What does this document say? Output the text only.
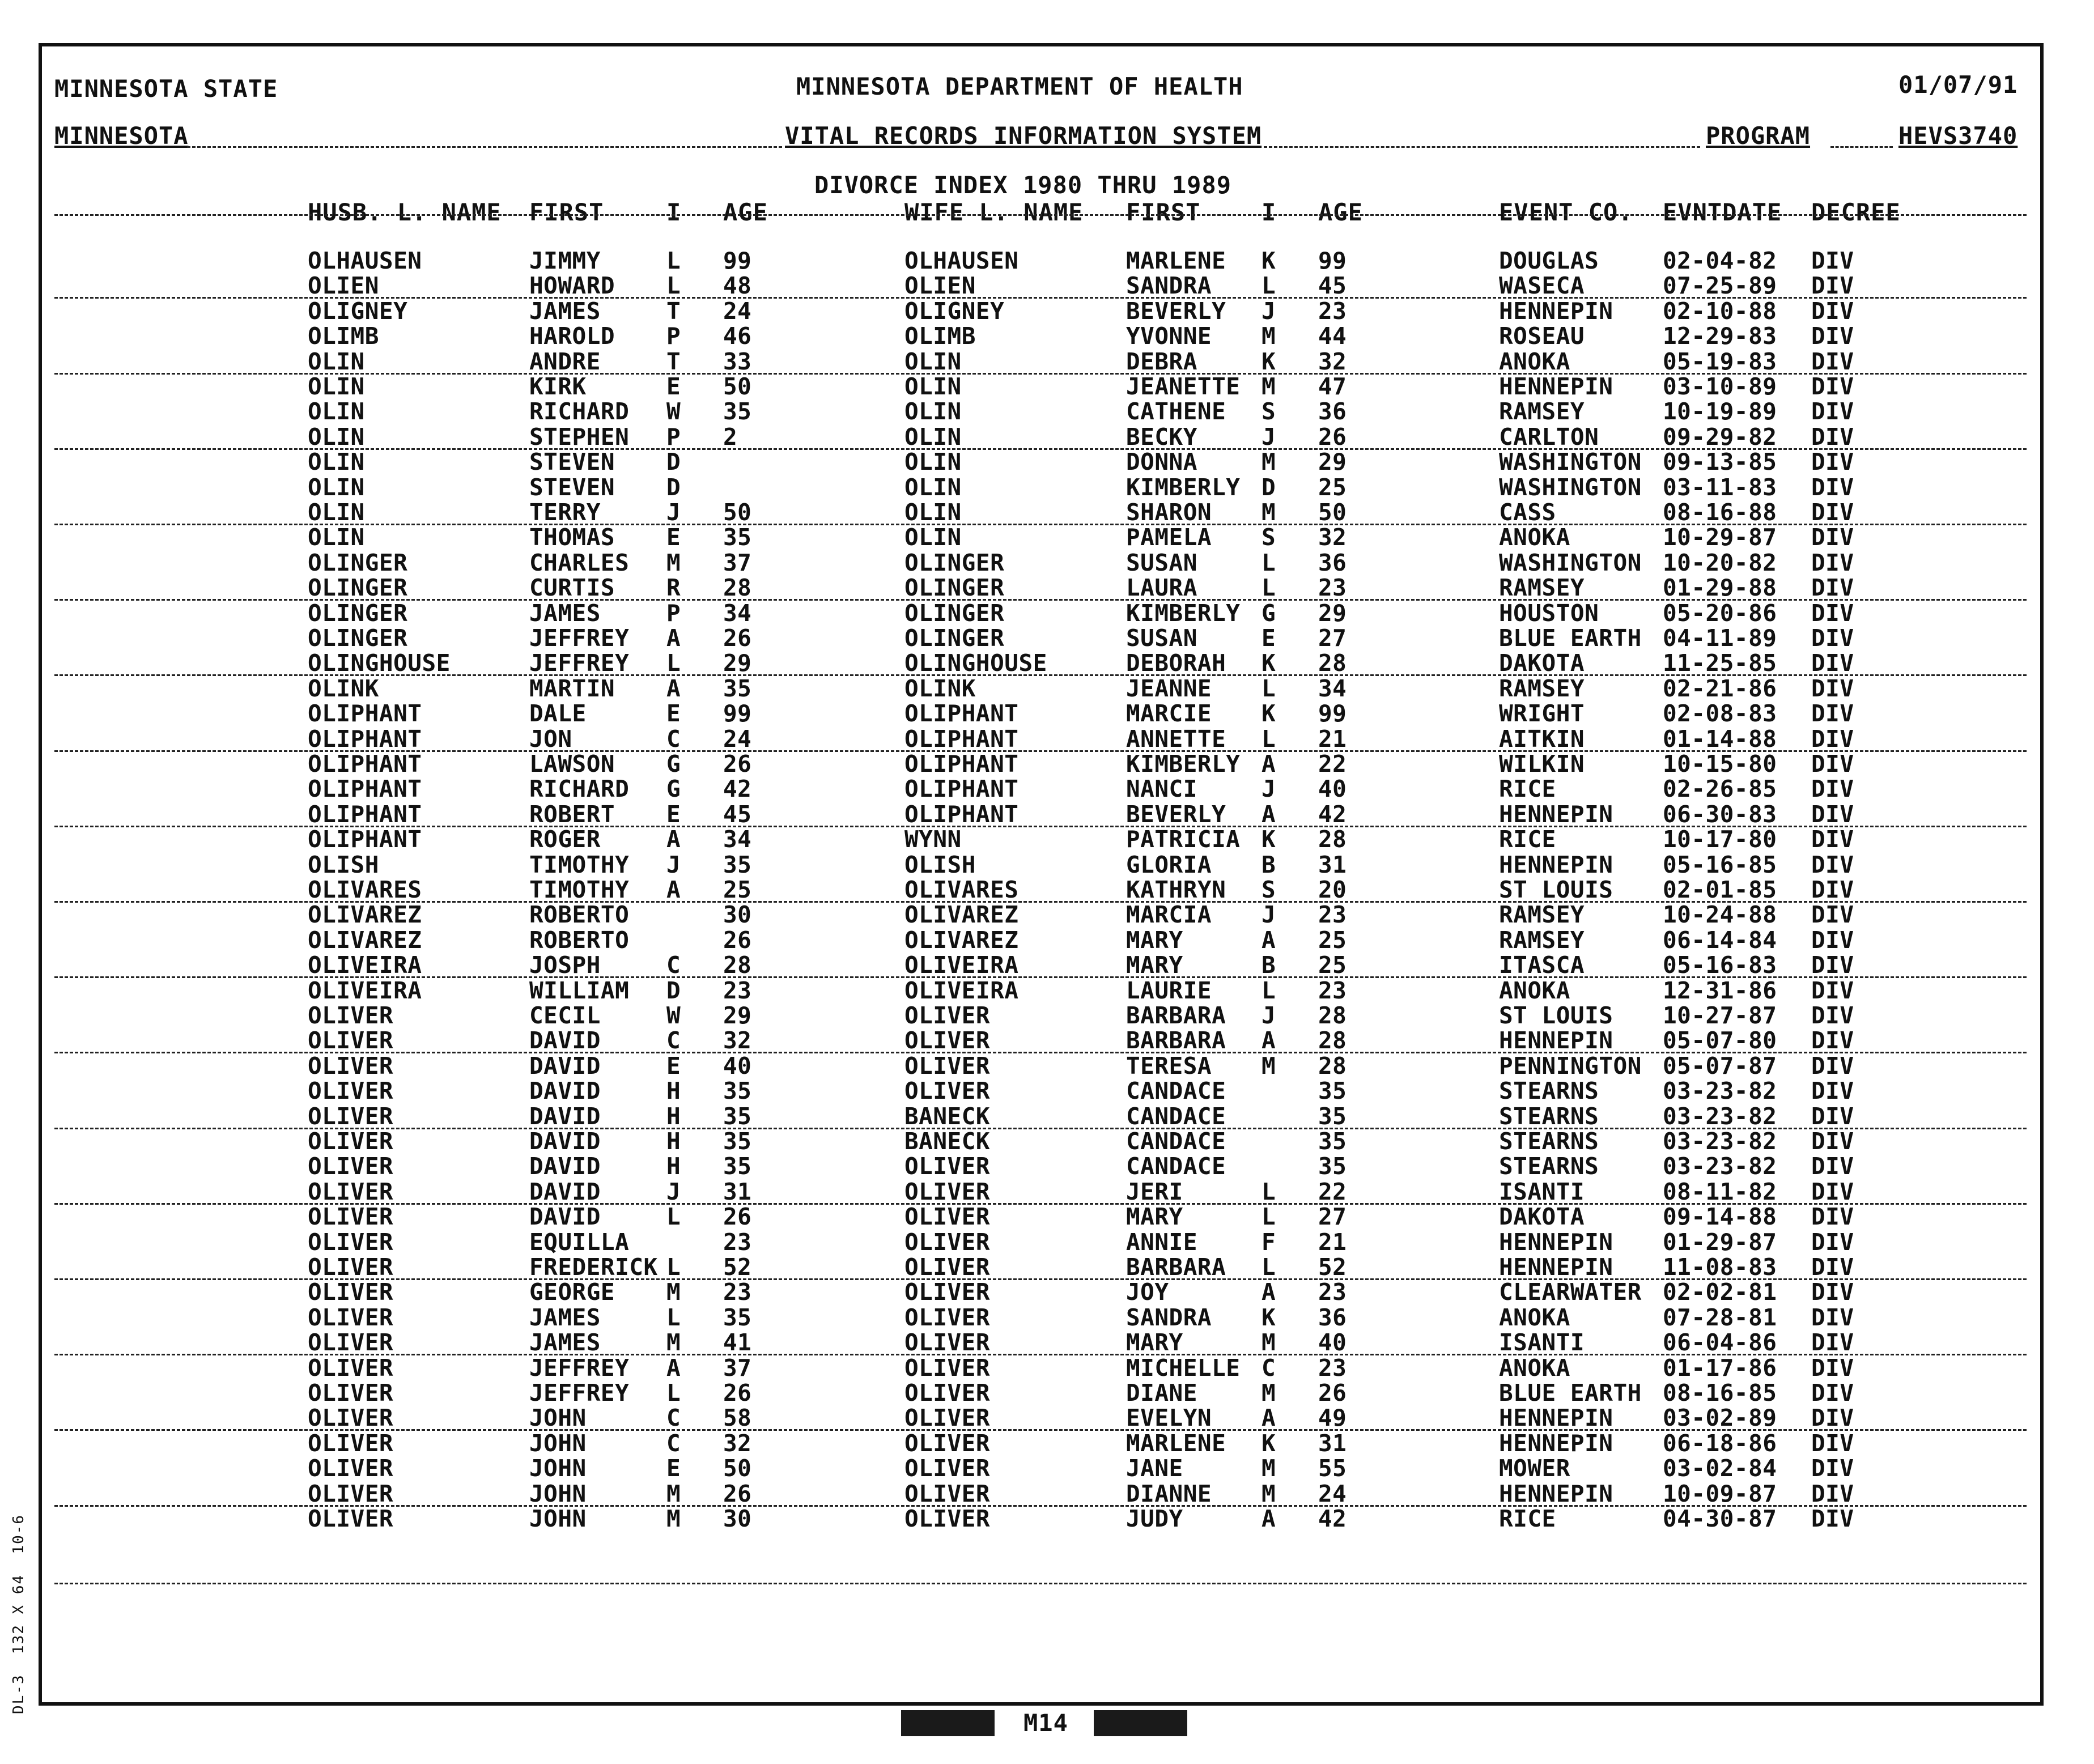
MINNESOTA STATE	MINNESOTA DEPARTMENT OF HEALTH	01/07/91
MINNESOTA	VITAL RECORDS INFORMATION SYSTEM	PROGRAM	HEVS3740
DIVORCE INDEX 1980 THRU 1989
HUSB. L. NAME FIRST	I AGE	WIFE L. NAME FIRST	I AGE	EVENT CO. EVNTDATE DECREE
OLHAUSEN	JIMMY	L 99	OLHAUSEN	MARLENE K 99	DOUGLAS	02-04-82 DIV
OLIEN	HOWARD L 48	OLIEN	SANDRA L 45	WASECA	07-25-89 DIV
OLIGNEY	JAMES	T 24	OLIGNEY	BEVERLY J 23	HENNEPIN 02-10-88 DIV
OLIMB	HAROLD P 46	OLIMB	YVONNE M 44	ROSEAU	12-29-83 DIV
OLIN	ANDRE	T 33	OLIN	DEBRA	K 32	ANOKA	05-19-83 DIV
OLIN	KIRK	E 50	OLIN	JEANETTE M 47	HENNEPIN 03-10-89 DIV
OLIN	RICHARD W 35	OLIN	CATHENE S 36	RAMSEY	10-19-89 DIV
OLIN	STEPHEN P 2	OLIN	BECKY	J 26	CARLTON	09-29-82 DIV
OLIN	STEVEN D	OLIN	DONNA	M 29	WASHINGTON 09-13-85 DIV
OLIN	STEVEN D	OLIN	KIMBERLY D 25	WASHINGTON 03-11-83 DIV
OLIN	TERRY	J 50	OLIN	SHARON M 50	CASS	08-16-88 DIV
OLIN	THOMAS E 35	OLIN	PAMELA S 32	ANOKA	10-29-87 DIV
OLINGER	CHARLES M 37	OLINGER	SUSAN	L 36	WASHINGTON 10-20-82 DIV
OLINGER	CURTIS R 28	OLINGER	LAURA	L 23	RAMSEY	01-29-88 DIV
OLINGER	JAMES	P 34	OLINGER	KIMBERLY G 29	HOUSTON	05-20-86 DIV
OLINGER	JEFFREY A 26	OLINGER	SUSAN	E 27	BLUE EARTH 04-11-89 DIV
OLINGHOUSE	JEFFREY L 29	OLINGHOUSE	DEBORAH K 28	DAKOTA	11-25-85 DIV
OLINK	MARTIN A 35	OLINK	JEANNE L 34	RAMSEY	02-21-86 DIV
OLIPHANT	DALE	E 99	OLIPHANT	MARCIE K 99	WRIGHT	02-08-83 DIV
OLIPHANT	JON	C 24	OLIPHANT	ANNETTE L 21	AITKIN	01-14-88 DIV
OLIPHANT	LAWSON G 26	OLIPHANT	KIMBERLY A 22	WILKIN	10-15-80 DIV
OLIPHANT	RICHARD G 42	OLIPHANT	NANCI	J 40	RICE	02-26-85 DIV
OLIPHANT	ROBERT E 45	OLIPHANT	BEVERLY A 42	HENNEPIN 06-30-83 DIV
OLIPHANT	ROGER	A 34	WYNN	PATRICIA K 28	RICE	10-17-80 DIV
OLISH	TIMOTHY J 35	OLISH	GLORIA B 31	HENNEPIN 05-16-85 DIV
OLIVARES	TIMOTHY A 25	OLIVARES	KATHRYN S 20	ST LOUIS 02-01-85 DIV
OLIVAREZ	ROBERTO	30	OLIVAREZ	MARCIA J 23	RAMSEY	10-24-88 DIV
OLIVAREZ	ROBERTO	26	OLIVAREZ	MARY	A 25	RAMSEY	06-14-84 DIV
OLIVEIRA	JOSPH	C 28	OLIVEIRA	MARY	B 25	ITASCA	05-16-83 DIV
OLIVEIRA	WILLIAM D 23	OLIVEIRA	LAURIE L 23	ANOKA	12-31-86 DIV
OLIVER	CECIL	W 29	OLIVER	BARBARA J 28	ST LOUIS 10-27-87 DIV
OLIVER	DAVID	C 32	OLIVER	BARBARA A 28	HENNEPIN 05-07-80 DIV
OLIVER	DAVID	E 40	OLIVER	TERESA M 28	PENNINGTON 05-07-87 DIV
OLIVER	DAVID	H 35	OLIVER	CANDACE	35	STEARNS	03-23-82 DIV
OLIVER	DAVID	H 35	BANECK	CANDACE	35	STEARNS	03-23-82 DIV
OLIVER	DAVID	H 35	BANECK	CANDACE	35	STEARNS	03-23-82 DIV
OLIVER	DAVID	H 35	OLIVER	CANDACE	35	STEARNS	03-23-82 DIV
OLIVER	DAVID	J 31	OLIVER	JERI	L 22	ISANTI	08-11-82 DIV
OLIVER	DAVID	L 26	OLIVER	MARY	L 27	DAKOTA	09-14-88 DIV
OLIVER	EQUILLA	23	OLIVER	ANNIE	F 21	HENNEPIN 01-29-87 DIV
OLIVER	FREDERICK L 52	OLIVER	BARBARA L 52	HENNEPIN 11-08-83 DIV
OLIVER	GEORGE M 23	OLIVER	JOY	A 23	CLEARWATER 02-02-81 DIV
OLIVER	JAMES	L 35	OLIVER	SANDRA K 36	ANOKA	07-28-81 DIV
OLIVER	JAMES	M 41	OLIVER	MARY	M 40	ISANTI	06-04-86 DIV
OLIVER	JEFFREY A 37	OLIVER	MICHELLE C 23	ANOKA	01-17-86 DIV
OLIVER	JEFFREY L 26	OLIVER	DIANE	M 26	BLUE EARTH 08-16-85 DIV
OLIVER	JOHN	C 58	OLIVER	EVELYN A 49	HENNEPIN 03-02-89 DIV
OLIVER	JOHN	C 32	OLIVER	MARLENE K 31	HENNEPIN 06-18-86 DIV
OLIVER	JOHN	E 50	OLIVER	JANE	M 55	MOWER	03-02-84 DIV
OLIVER	JOHN	M 26	OLIVER	DIANNE M 24	HENNEPIN 10-09-87 DIV
OLIVER	JOHN	M 30	OLIVER	JUDY	A 42	RICE	04-30-87 DIV
M14
DL-3  132 X 64  10-6
